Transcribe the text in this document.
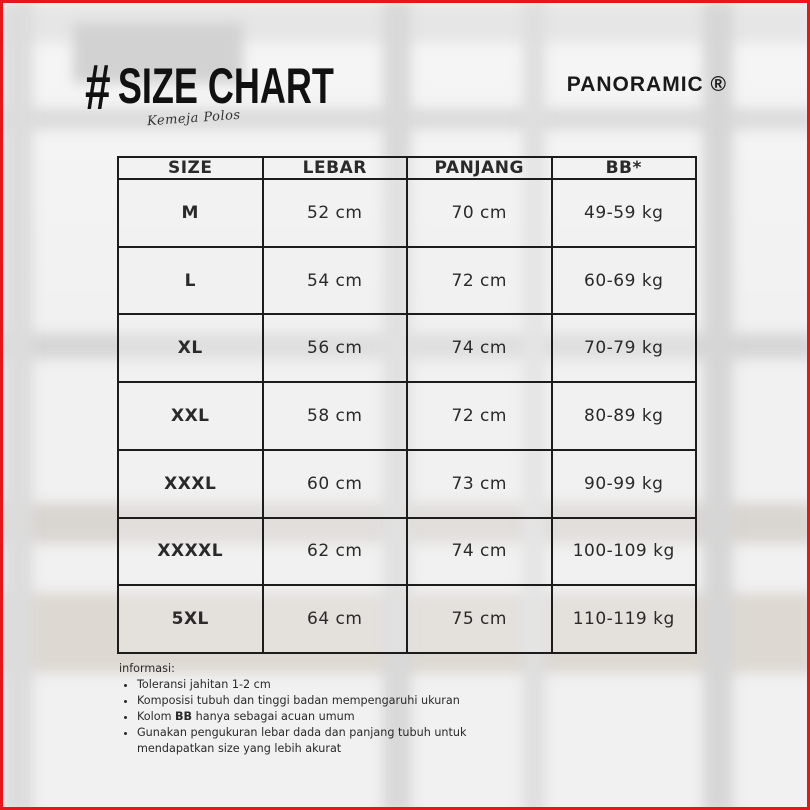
# SIZE CHART
Kemeja Polos
PANORAMIC ®
SIZE	LEBAR	PANJANG	BB*
M	52 cm	70 cm	49-59 kg
L	54 cm	72 cm	60-69 kg
XL	56 cm	74 cm	70-79 kg
XXL	58 cm	72 cm	80-89 kg
XXXL	60 cm	73 cm	90-99 kg
XXXXL	62 cm	74 cm	100-109 kg
5XL	64 cm	75 cm	110-119 kg
informasi:
• Toleransi jahitan 1-2 cm
• Komposisi tubuh dan tinggi badan mempengaruhi ukuran
• Kolom BB hanya sebagai acuan umum
• Gunakan pengukuran lebar dada dan panjang tubuh untuk mendapatkan size yang lebih akurat
